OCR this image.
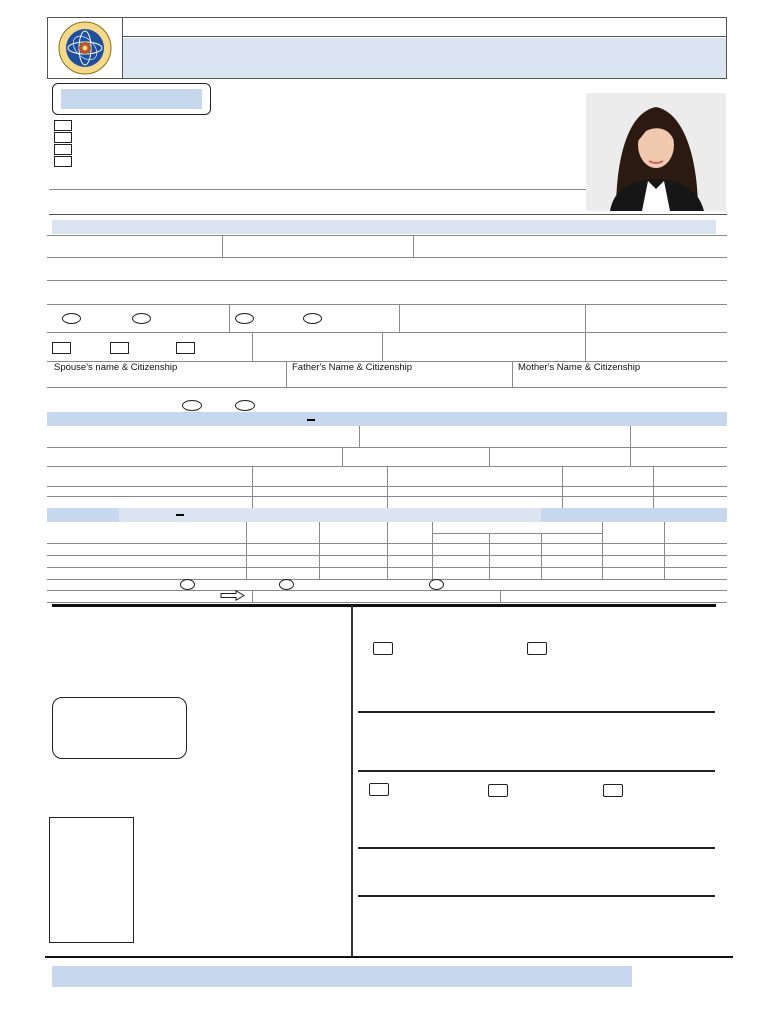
Spouse's name & Citizenship	Father's Name & Citizenship	Mother's Name & Citizenship
